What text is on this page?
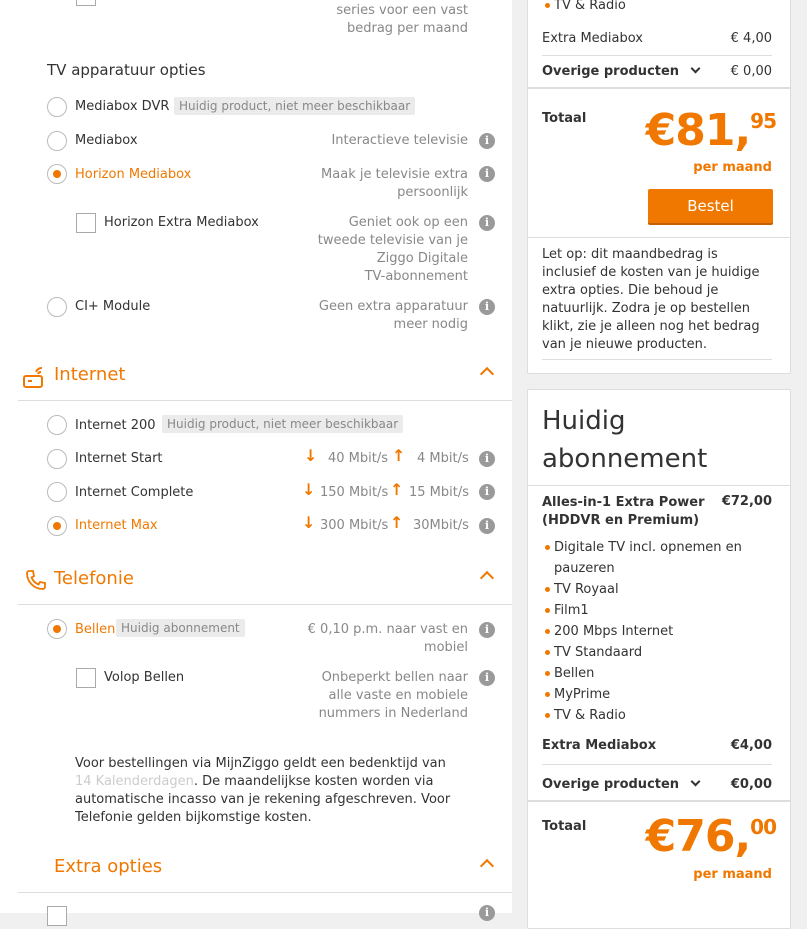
series voor een vast
bedrag per maand
TV apparatuur opties
Mediabox DVR Huidig product, niet meer beschikbaar
Mediabox	Interactieve televisie	i
Horizon Mediabox	Maak je televisie extra
persoonlijk
i
Horizon Extra Mediabox	Geniet ook op een
tweede televisie van je
Ziggo Digitale
TV-abonnement
i
CI+ Module	Geen extra apparatuur
meer nodig
i
Internet
Internet 200 Huidig product, niet meer beschikbaar
Internet Start	↓ 40 Mbit/s ↑ 4 Mbit/s	i
Internet Complete	↓ 150 Mbit/s ↑ 15 Mbit/s	i
Internet Max	↓ 300 Mbit/s ↑ 30Mbit/s	i
Telefonie
Bellen Huidig abonnement	€ 0,10 p.m. naar vast en
mobiel
i
Volop Bellen	Onbeperkt bellen naar
alle vaste en mobiele
nummers in Nederland
i
Voor bestellingen via MijnZiggo geldt een bedenktijd van 14 Kalenderdagen. De maandelijkse kosten worden via automatische incasso van je rekening afgeschreven. Voor Telefonie gelden bijkomstige kosten.
Extra opties
i
TV & Radio
Extra Mediabox	€ 4,00
Overige producten	€ 0,00
Totaal €81,95
per maand
Bestel
Let op: dit maandbedrag is inclusief de kosten van je huidige extra opties. Die behoud je natuurlijk. Zodra je op bestellen klikt, zie je alleen nog het bedrag van je nieuwe producten.
Huidig
abonnement
Alles-in-1 Extra Power
(HDDVR en Premium)
€72,00
Digitale TV incl. opnemen en pauzeren
TV Royaal
Film1
200 Mbps Internet
TV Standaard
Bellen
MyPrime
TV & Radio
Extra Mediabox	€4,00
Overige producten	€0,00
Totaal €76,00
per maand
